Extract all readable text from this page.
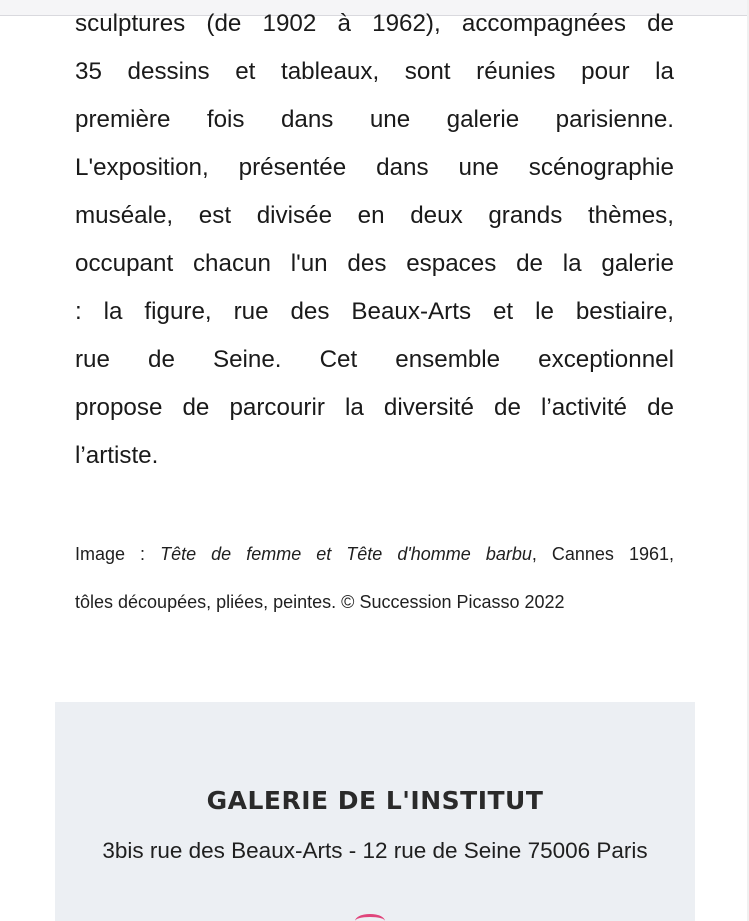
sculptures (de 1902 à 1962), accompagnées de
35 dessins et tableaux, sont réunies pour la
première fois dans une galerie parisienne.
L'exposition, présentée dans une scénographie
muséale, est divisée en deux grands thèmes,
occupant chacun l'un des espaces de la galerie
: la figure, rue des Beaux-Arts et le bestiaire,
rue de Seine. Cet ensemble exceptionnel
propose de parcourir la diversité de l’activité de
l’artiste.
Image : Tête de femme et Tête d'homme barbu, Cannes 1961,
tôles découpées, pliées, peintes. © Succession Picasso 2022
GALERIE DE L'INSTITUT
3bis rue des Beaux-Arts - 12 rue de Seine 75006 Paris
